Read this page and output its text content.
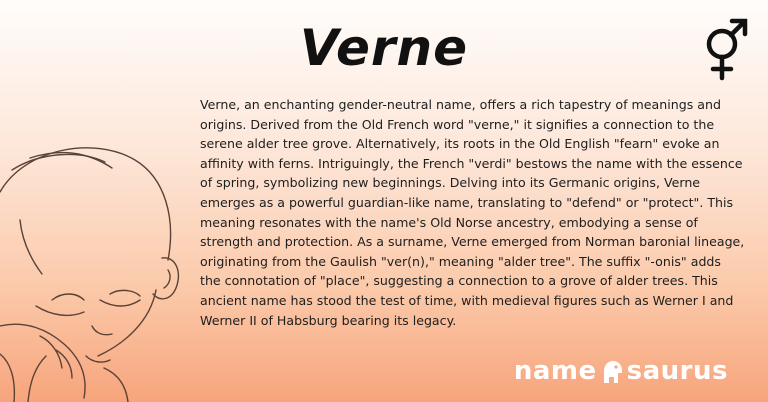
Verne

Verne, an enchanting gender-neutral name, offers a rich tapestry of meanings and origins. Derived from the Old French word "verne," it signifies a connection to the serene alder tree grove. Alternatively, its roots in the Old English "fearn" evoke an affinity with ferns. Intriguingly, the French "verdi" bestows the name with the essence of spring, symbolizing new beginnings. Delving into its Germanic origins, Verne emerges as a powerful guardian-like name, translating to "defend" or "protect". This meaning resonates with the name's Old Norse ancestry, embodying a sense of strength and protection. As a surname, Verne emerged from Norman baronial lineage, originating from the Gaulish "ver(n)," meaning "alder tree". The suffix "-onis" adds the connotation of "place", suggesting a connection to a grove of alder trees. This ancient name has stood the test of time, with medieval figures such as Werner I and Werner II of Habsburg bearing its legacy.

name saurus
